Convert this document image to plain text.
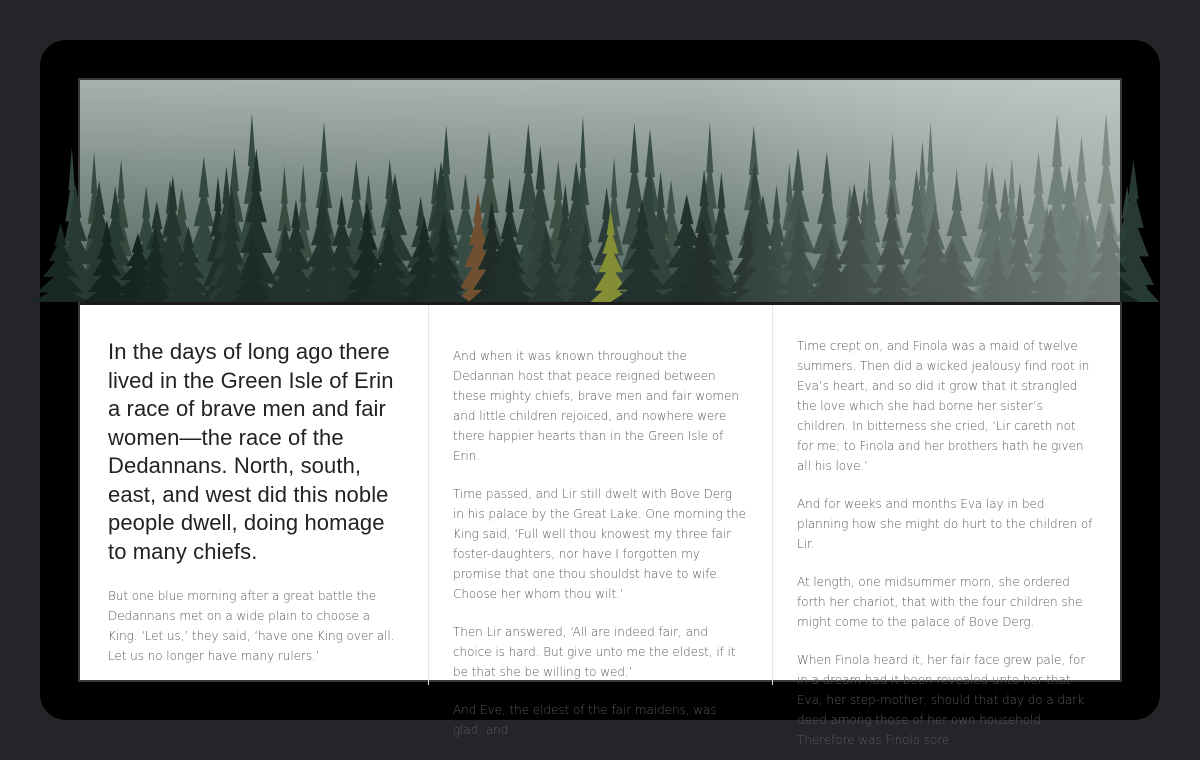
In the days of long ago there lived in the Green Isle of Erin a race of brave men and fair women—the race of the Dedannans. North, south, east, and west did this noble people dwell, doing homage to many chiefs.

But one blue morning after a great battle the Dedannans met on a wide plain to choose a King. ‘Let us,’ they said, ‘have one King over all. Let us no longer have many rulers.’

And when it was known throughout the Dedannan host that peace reigned between these mighty chiefs, brave men and fair women and little children rejoiced, and nowhere were there happier hearts than in the Green Isle of Erin.

Time passed, and Lir still dwelt with Bove Derg in his palace by the Great Lake. One morning the King said, ‘Full well thou knowest my three fair foster-daughters, nor have I forgotten my promise that one thou shouldst have to wife. Choose her whom thou wilt.’

Then Lir answered, ‘All are indeed fair, and choice is hard. But give unto me the eldest, if it be that she be willing to wed.’

And Eve, the eldest of the fair maidens, was glad, and

Time crept on, and Finola was a maid of twelve summers. Then did a wicked jealousy find root in Eva’s heart, and so did it grow that it strangled the love which she had borne her sister’s children. In bitterness she cried, ‘Lir careth not for me; to Finola and her brothers hath he given all his love.’

And for weeks and months Eva lay in bed planning how she might do hurt to the children of Lir.

At length, one midsummer morn, she ordered forth her chariot, that with the four children she might come to the palace of Bove Derg.

When Finola heard it, her fair face grew pale, for in a dream had it been revealed unto her that Eva, her step-mother, should that day do a dark deed among those of her own household. Therefore was Finola sore
